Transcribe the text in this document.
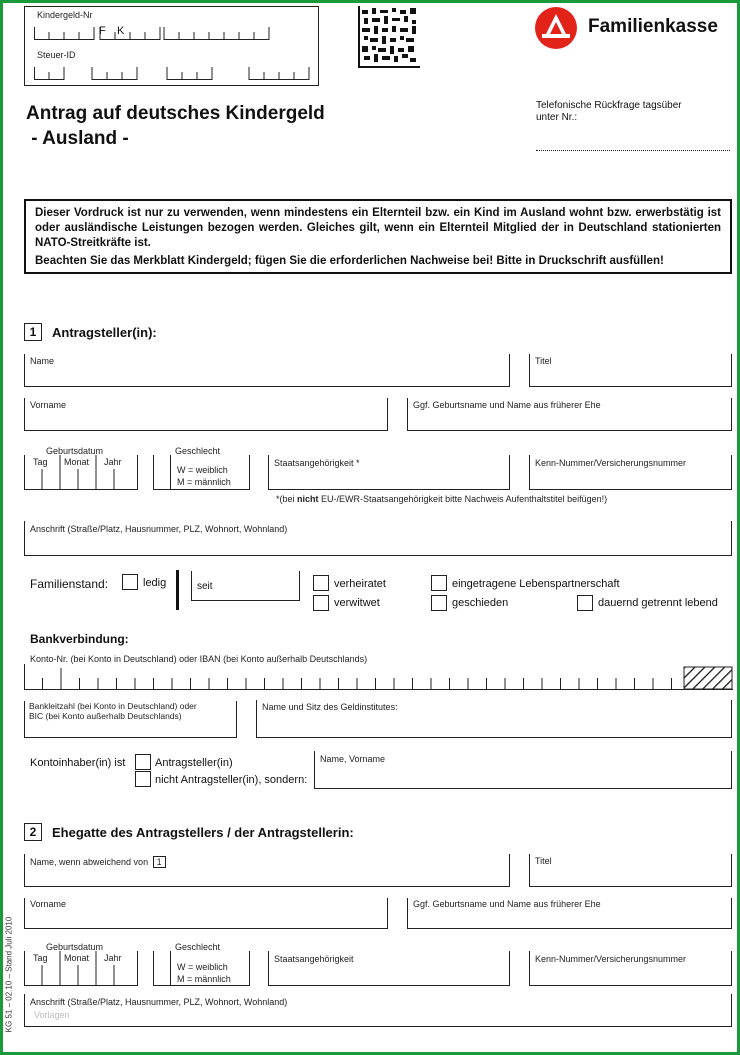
Kindergeld-Nr
F K
Steuer-ID
Familienkasse
Antrag auf deutsches Kindergeld
- Ausland -
Telefonische Rückfrage tagsüber
unter Nr.:
Dieser Vordruck ist nur zu verwenden, wenn mindestens ein Elternteil bzw. ein Kind im Ausland wohnt bzw. erwerbstätig ist oder ausländische Leistungen bezogen werden. Gleiches gilt, wenn ein Elternteil Mitglied der in Deutschland stationierten NATO-Streitkräfte ist.
Beachten Sie das Merkblatt Kindergeld; fügen Sie die erforderlichen Nachweise bei! Bitte in Druckschrift ausfüllen!
1	Antragsteller(in):
Name	Titel
Vorname	Ggf. Geburtsname und Name aus früherer Ehe
Geburtsdatum
Tag Monat Jahr
Geschlecht
W = weiblich
M = männlich
Staatsangehörigkeit *	Kenn-Nummer/Versicherungsnummer
*(bei nicht EU-/EWR-Staatsangehörigkeit bitte Nachweis Aufenthaltstitel beifügen!)
Anschrift (Straße/Platz, Hausnummer, PLZ, Wohnort, Wohnland)
Familienstand:	ledig	seit	verheiratet
verwitwet
eingetragene Lebenspartnerschaft
geschieden	dauernd getrennt lebend
Bankverbindung:
Konto-Nr. (bei Konto in Deutschland) oder IBAN (bei Konto außerhalb Deutschlands)
Bankleitzahl (bei Konto in Deutschland) oder
BIC (bei Konto außerhalb Deutschlands)
Name und Sitz des Geldinstitutes:
Kontoinhaber(in) ist	Antragsteller(in)
nicht Antragsteller(in), sondern:
Name, Vorname
2	Ehegatte des Antragstellers / der Antragstellerin:
Name, wenn abweichend von 1	Titel
Vorname	Ggf. Geburtsname und Name aus früherer Ehe
Geburtsdatum
Tag Monat Jahr
Geschlecht
W = weiblich
M = männlich
Staatsangehörigkeit	Kenn-Nummer/Versicherungsnummer
Anschrift (Straße/Platz, Hausnummer, PLZ, Wohnort, Wohnland)
Vorlagen
KG 51 – 02.10 – Stand Juli 2010
